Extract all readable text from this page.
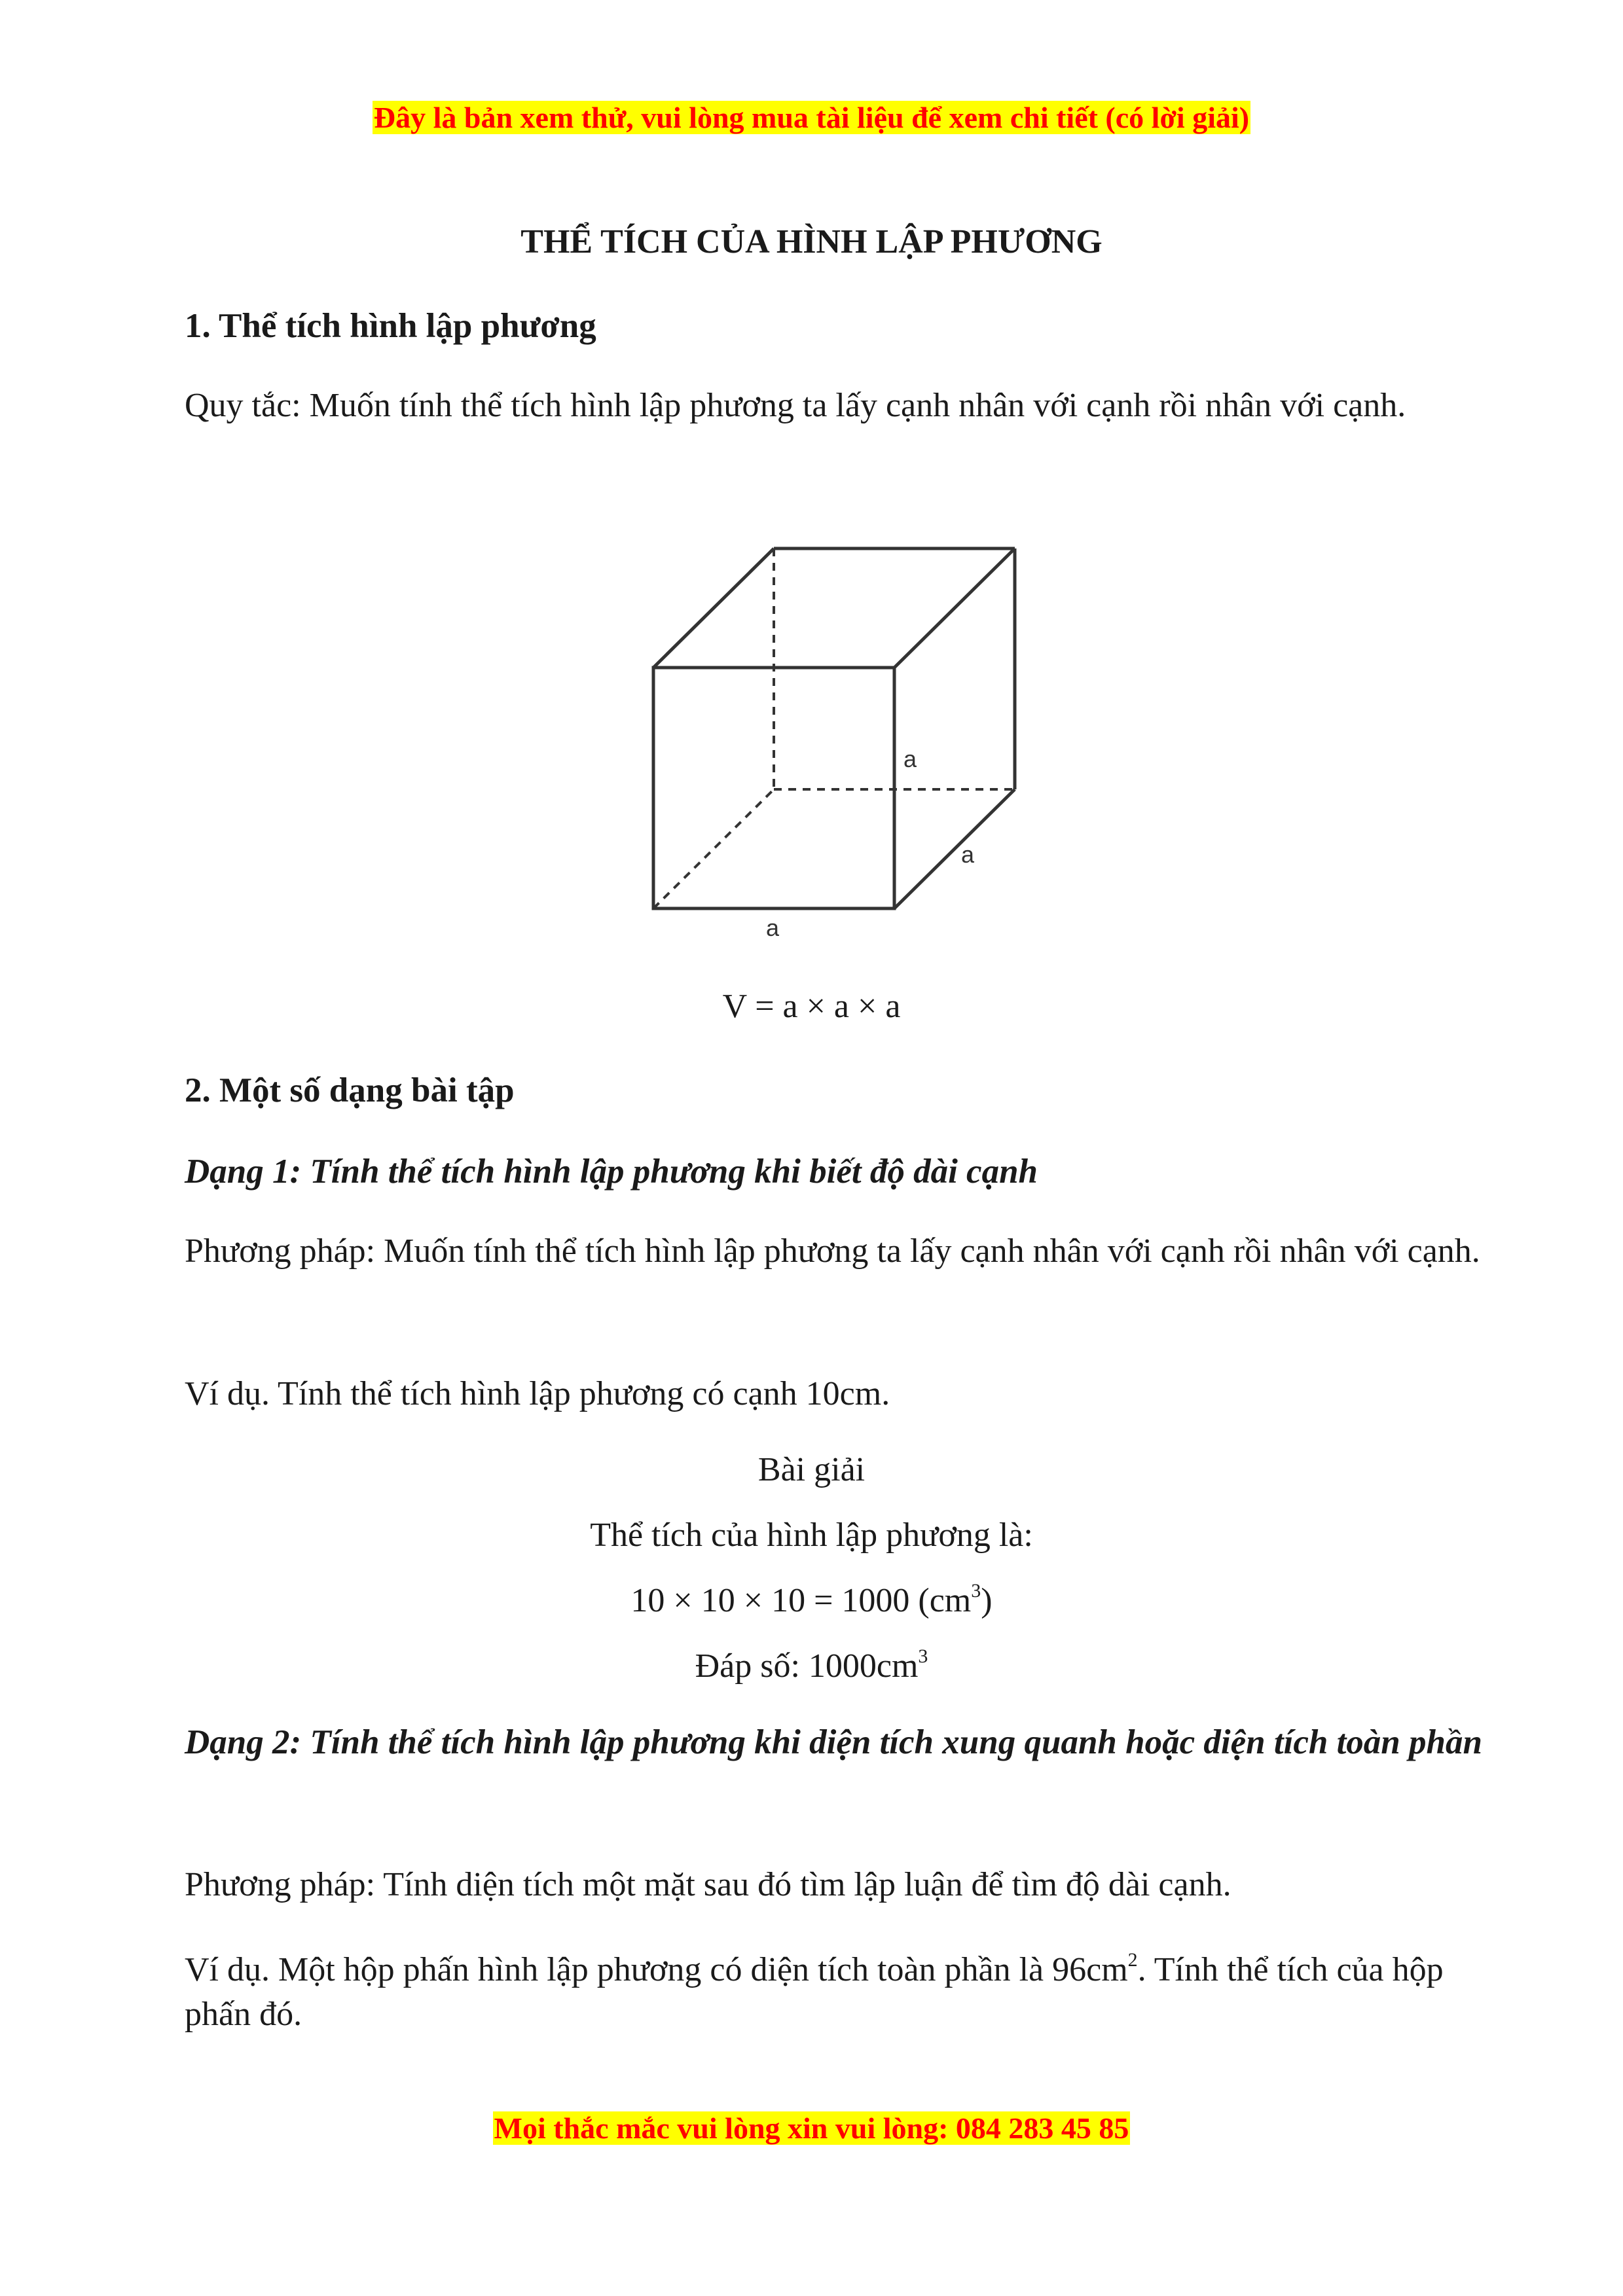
Đây là bản xem thử, vui lòng mua tài liệu để xem chi tiết (có lời giải)
THỂ TÍCH CỦA HÌNH LẬP PHƯƠNG
1. Thể tích hình lập phương
Quy tắc: Muốn tính thể tích hình lập phương ta lấy cạnh nhân với cạnh rồi nhân với cạnh.
a
a
a
V = a × a × a
2. Một số dạng bài tập
Dạng 1: Tính thể tích hình lập phương khi biết độ dài cạnh
Phương pháp: Muốn tính thể tích hình lập phương ta lấy cạnh nhân với cạnh rồi nhân với cạnh.
Ví dụ. Tính thể tích hình lập phương có cạnh 10cm.
Bài giải
Thể tích của hình lập phương là:
10 × 10 × 10 = 1000 $(cm^3)$
Đáp số: $1000cm^3$
Dạng 2: Tính thể tích hình lập phương khi diện tích xung quanh hoặc diện tích toàn phần
Phương pháp: Tính diện tích một mặt sau đó tìm lập luận để tìm độ dài cạnh.
Ví dụ. Một hộp phấn hình lập phương có diện tích toàn phần là $96cm^2$. Tính thể tích của hộp phấn đó.
Mọi thắc mắc vui lòng xin vui lòng: 084 283 45 85
